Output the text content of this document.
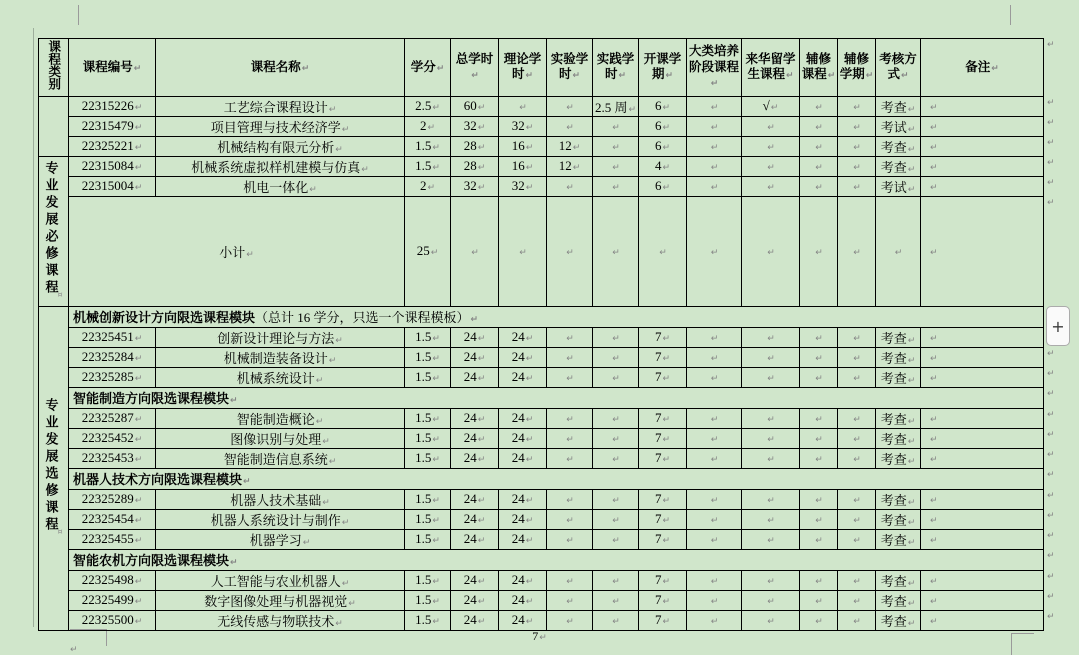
↵
课程类别	课程编号↵	课程名称↵	学分↵	总学时↵	理论学时↵	实验学时↵	实践学时↵	开课学期↵	大类培养阶段课程↵	来华留学生课程↵	辅修课程↵	辅修学期↵	考核方式↵	备注↵
	22315226↵	工艺综合课程设计↵	2.5↵	60↵	↵	↵	2.5 周↵	6↵	↵	√↵	↵	↵	考查↵	↵
	22315479↵	项目管理与技术经济学↵	2↵	32↵	32↵	↵	↵	6↵	↵	↵	↵	↵	考试↵	↵
	22325221↵	机械结构有限元分析↵	1.5↵	28↵	16↵	12↵	↵	6↵	↵	↵	↵	↵	考查↵	↵
专业发展必修课程¤	22315084↵	机械系统虚拟样机建模与仿真↵	1.5↵	28↵	16↵	12↵	↵	4↵	↵	↵	↵	↵	考查↵	↵
	22315004↵	机电一体化↵	2↵	32↵	32↵	↵	↵	6↵	↵	↵	↵	↵	考试↵	↵
	小计↵		25↵	↵	↵	↵	↵	↵	↵	↵	↵	↵	↵	↵
专业发展选修课程¤	机械创新设计方向限选课程模块（总计 16 学分，只选一个课程模板）↵													
	22325451↵	创新设计理论与方法↵	1.5↵	24↵	24↵	↵	↵	7↵	↵	↵	↵	↵	考查↵	↵
	22325284↵	机械制造装备设计↵	1.5↵	24↵	24↵	↵	↵	7↵	↵	↵	↵	↵	考查↵	↵
	22325285↵	机械系统设计↵	1.5↵	24↵	24↵	↵	↵	7↵	↵	↵	↵	↵	考查↵	↵
	智能制造方向限选课程模块↵													
	22325287↵	智能制造概论↵	1.5↵	24↵	24↵	↵	↵	7↵	↵	↵	↵	↵	考查↵	↵
	22325452↵	图像识别与处理↵	1.5↵	24↵	24↵	↵	↵	7↵	↵	↵	↵	↵	考查↵	↵
	22325453↵	智能制造信息系统↵	1.5↵	24↵	24↵	↵	↵	7↵	↵	↵	↵	↵	考查↵	↵
	机器人技术方向限选课程模块↵													
	22325289↵	机器人技术基础↵	1.5↵	24↵	24↵	↵	↵	7↵	↵	↵	↵	↵	考查↵	↵
	22325454↵	机器人系统设计与制作↵	1.5↵	24↵	24↵	↵	↵	7↵	↵	↵	↵	↵	考查↵	↵
	22325455↵	机器学习↵	1.5↵	24↵	24↵	↵	↵	7↵	↵	↵	↵	↵	考查↵	↵
	智能农机方向限选课程模块↵													
	22325498↵	人工智能与农业机器人↵	1.5↵	24↵	24↵	↵	↵	7↵	↵	↵	↵	↵	考查↵	↵
	22325499↵	数字图像处理与机器视觉↵	1.5↵	24↵	24↵	↵	↵	7↵	↵	↵	↵	↵	考查↵	↵
	22325500↵	无线传感与物联技术↵	1.5↵	24↵	24↵	↵	↵	7↵	↵	↵	↵	↵	考查↵	↵
+
7↵
↵
↵
↵
↵
↵
↵
↵
↵
↵
↵
↵
↵
↵
↵
↵
↵
↵
↵
↵
↵
↵
